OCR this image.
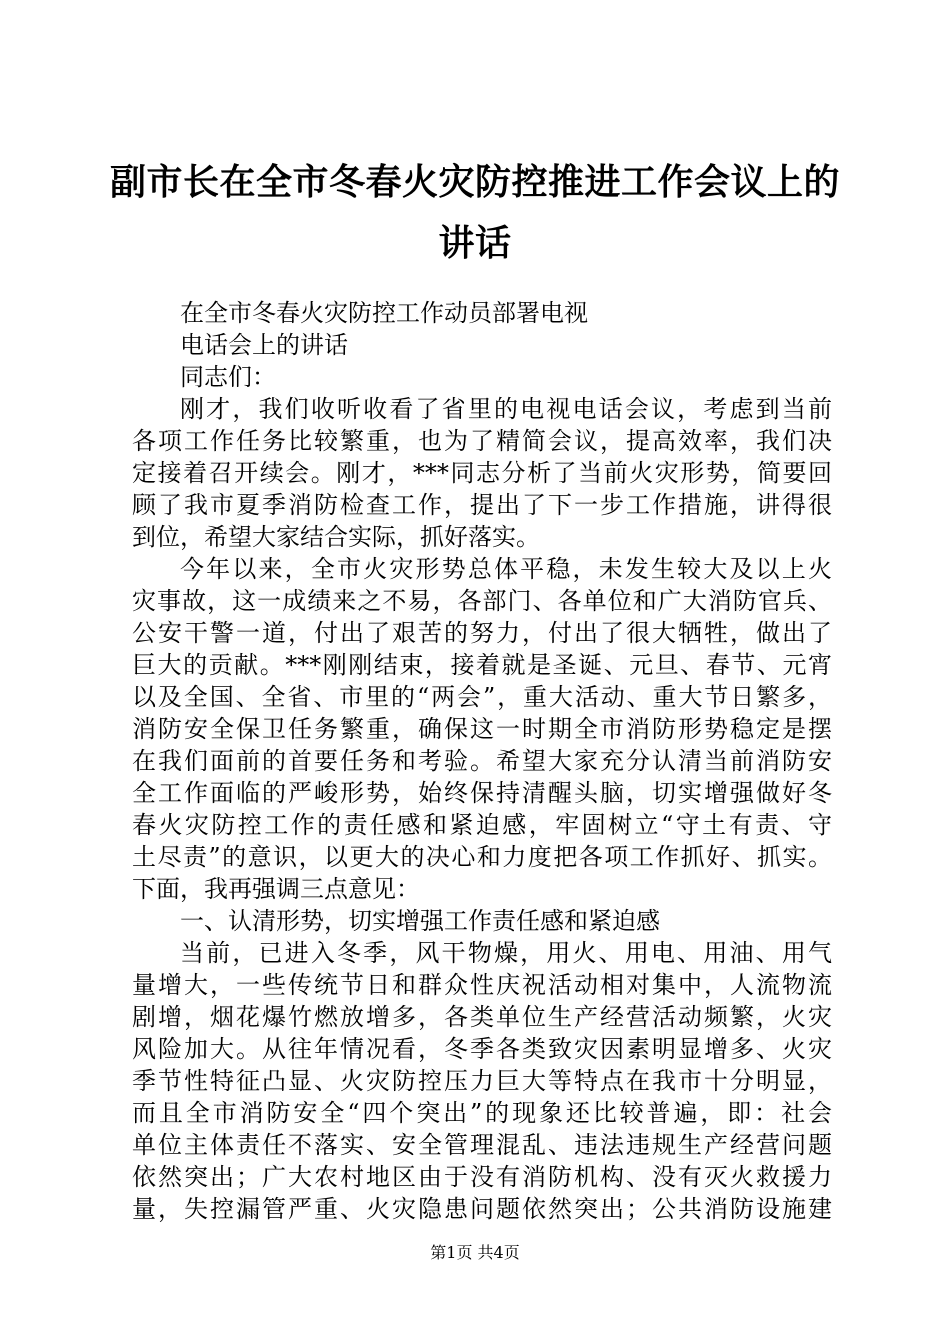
副市长在全市冬春火灾防控推进工作会议上的
讲话
在全市冬春火灾防控工作动员部署电视
电话会上的讲话
同志们：
刚才，我们收听收看了省里的电视电话会议，考虑到当前
各项工作任务比较繁重，也为了精简会议，提高效率，我们决
定接着召开续会。刚才，***同志分析了当前火灾形势，简要回
顾了我市夏季消防检查工作，提出了下一步工作措施，讲得很
到位，希望大家结合实际，抓好落实。
今年以来，全市火灾形势总体平稳，未发生较大及以上火
灾事故，这一成绩来之不易，各部门、各单位和广大消防官兵、
公安干警一道，付出了艰苦的努力，付出了很大牺牲，做出了
巨大的贡献。***刚刚结束，接着就是圣诞、元旦、春节、元宵
以及全国、全省、市里的“两会”，重大活动、重大节日繁多，
消防安全保卫任务繁重，确保这一时期全市消防形势稳定是摆
在我们面前的首要任务和考验。希望大家充分认清当前消防安
全工作面临的严峻形势，始终保持清醒头脑，切实增强做好冬
春火灾防控工作的责任感和紧迫感，牢固树立“守土有责、守
土尽责”的意识，以更大的决心和力度把各项工作抓好、抓实。
下面，我再强调三点意见：
一、认清形势，切实增强工作责任感和紧迫感
当前，已进入冬季，风干物燥，用火、用电、用油、用气
量增大，一些传统节日和群众性庆祝活动相对集中，人流物流
剧增，烟花爆竹燃放增多，各类单位生产经营活动频繁，火灾
风险加大。从往年情况看，冬季各类致灾因素明显增多、火灾
季节性特征凸显、火灾防控压力巨大等特点在我市十分明显，
而且全市消防安全“四个突出”的现象还比较普遍，即：社会
单位主体责任不落实、安全管理混乱、违法违规生产经营问题
依然突出；广大农村地区由于没有消防机构、没有灭火救援力
量，失控漏管严重、火灾隐患问题依然突出；公共消防设施建
第1页 共4页
